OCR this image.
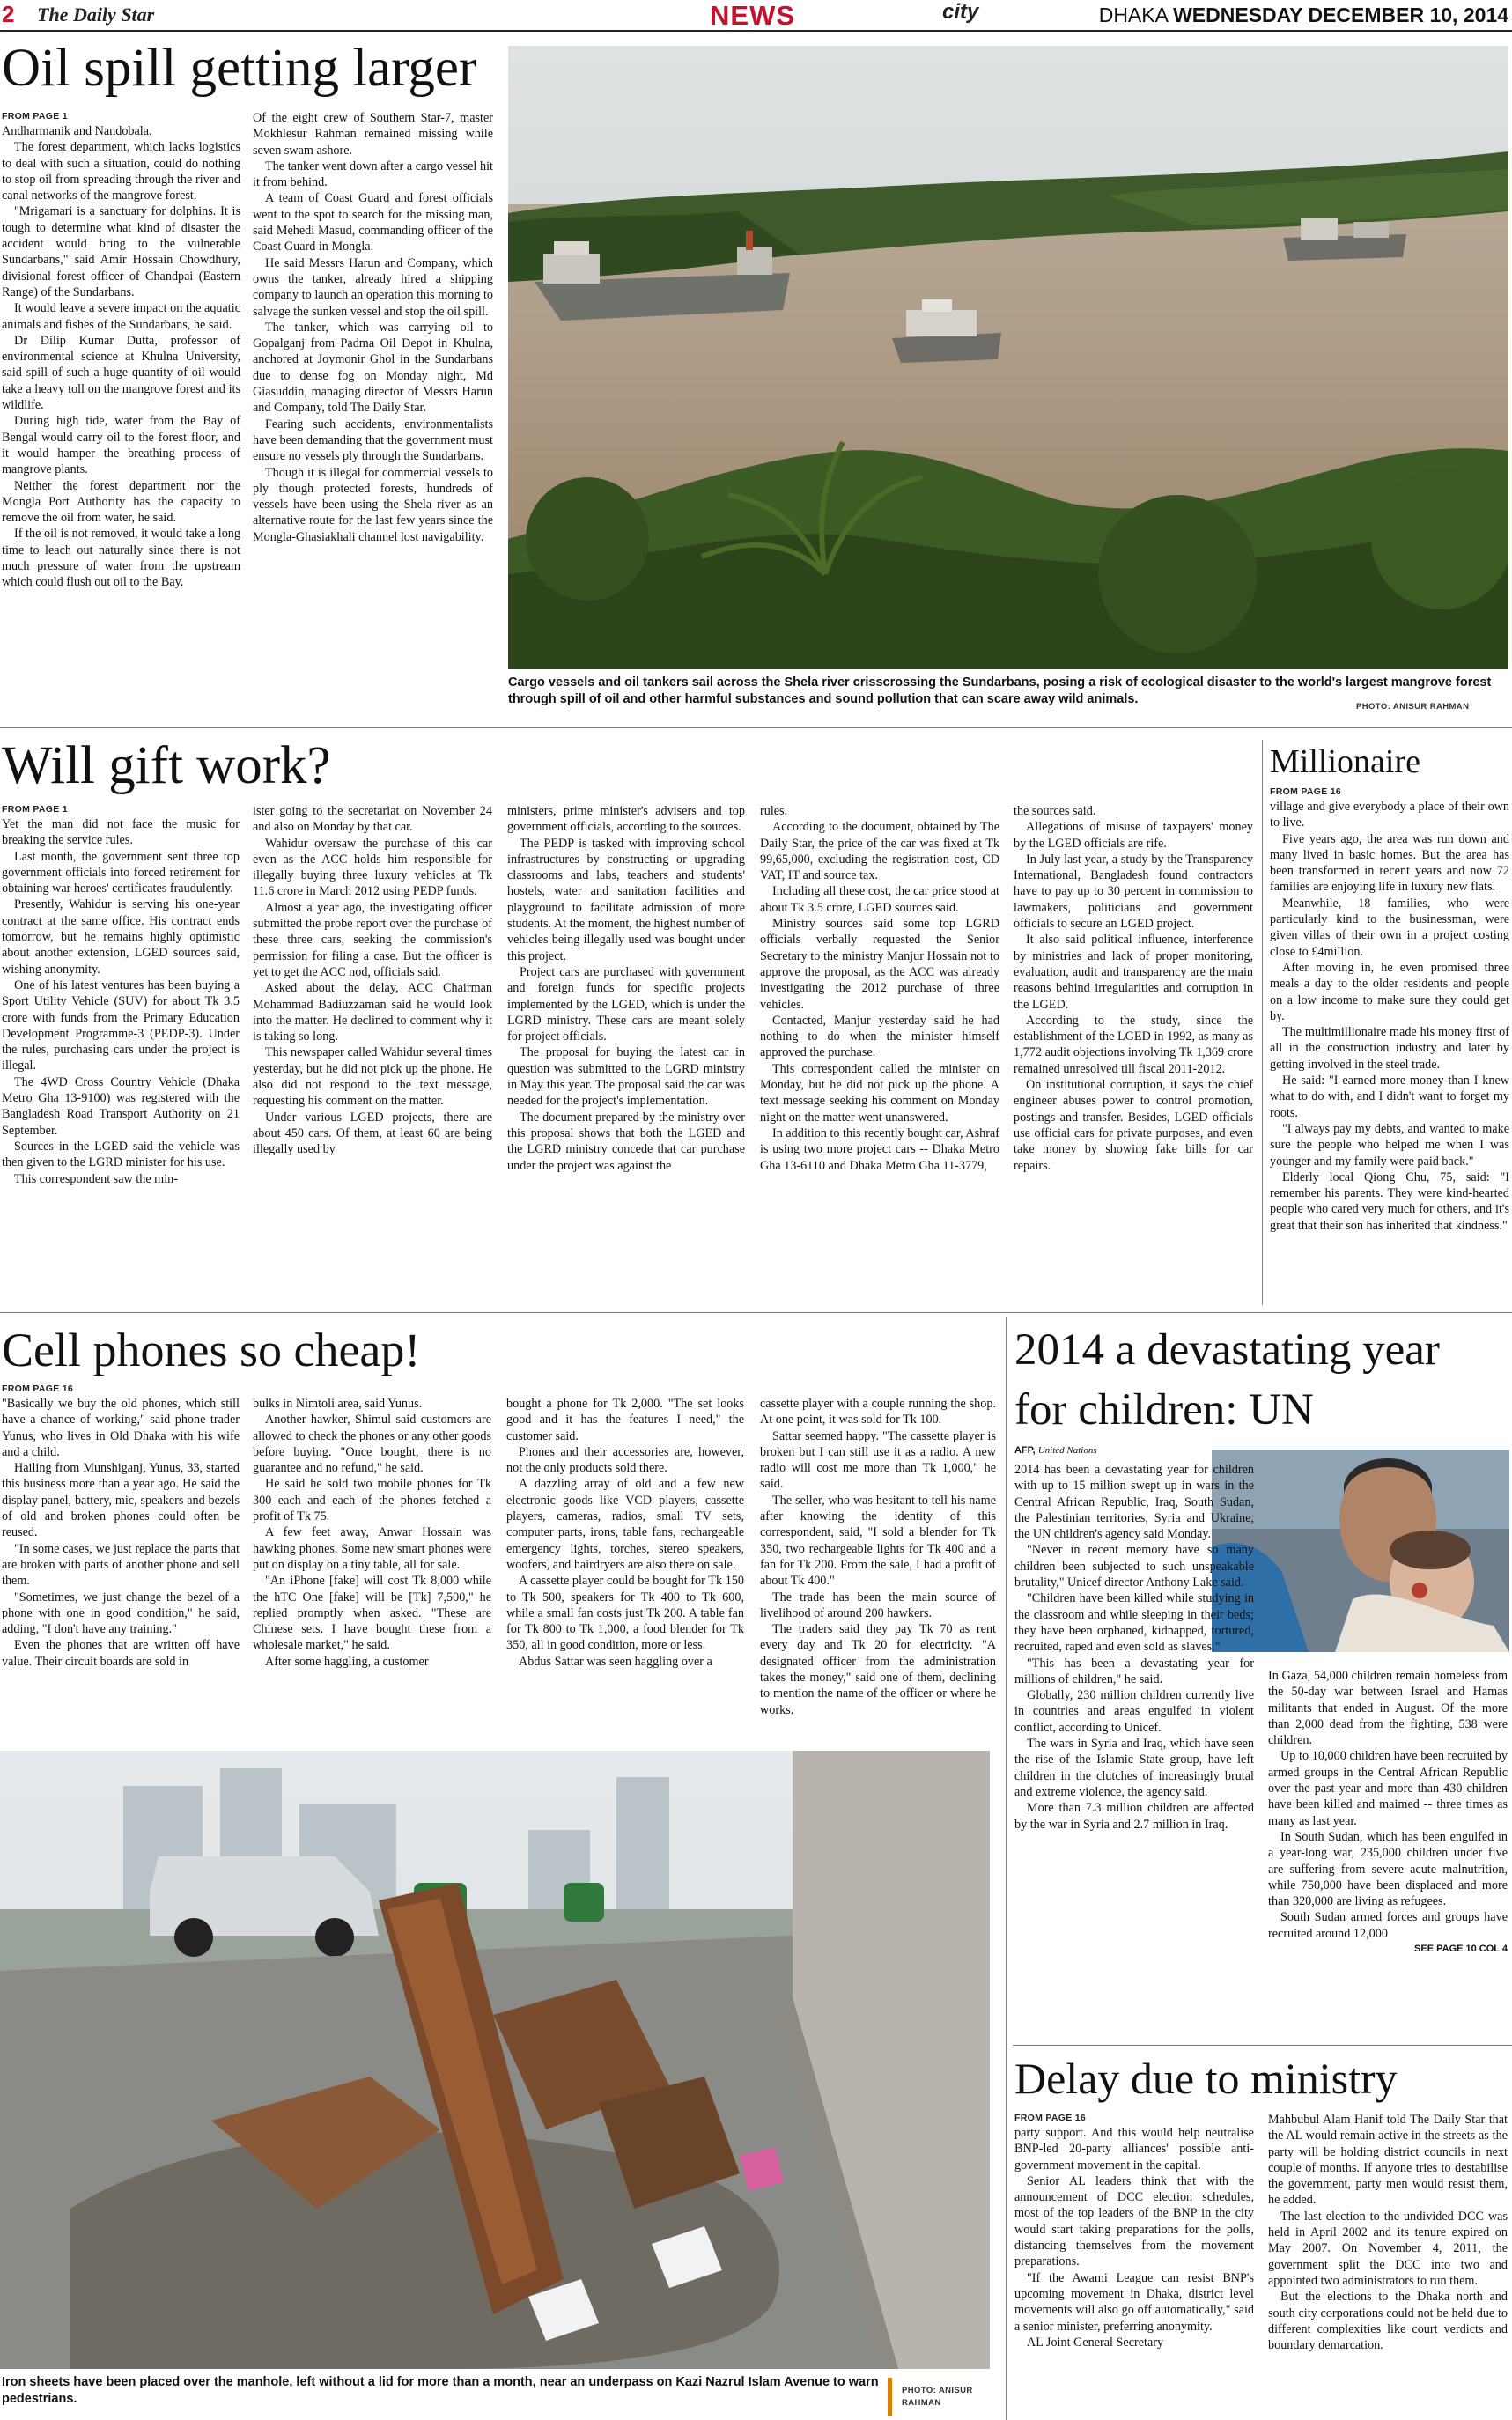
2 The Daily Star	NEWS	city	DHAKA WEDNESDAY DECEMBER 10, 2014
Oil spill getting larger
FROM PAGE 1

Andharmanik and Nandobala.

The forest department, which lacks logistics to deal with such a situation, could do nothing to stop oil from spreading through the river and canal networks of the mangrove forest.

"Mrigamari is a sanctuary for dolphins. It is tough to determine what kind of disaster the accident would bring to the vulnerable Sundarbans," said Amir Hossain Chowdhury, divisional forest officer of Chandpai (Eastern Range) of the Sundarbans.

It would leave a severe impact on the aquatic animals and fishes of the Sundarbans, he said.

Dr Dilip Kumar Dutta, professor of environmental science at Khulna University, said spill of such a huge quantity of oil would take a heavy toll on the mangrove forest and its wildlife.

During high tide, water from the Bay of Bengal would carry oil to the forest floor, and it would hamper the breathing process of mangrove plants.

Neither the forest department nor the Mongla Port Authority has the capacity to remove the oil from water, he said.

If the oil is not removed, it would take a long time to leach out naturally since there is not much pressure of water from the upstream which could flush out oil to the Bay.

Of the eight crew of Southern Star-7, master Mokhlesur Rahman remained missing while seven swam ashore.

The tanker went down after a cargo vessel hit it from behind.

A team of Coast Guard and forest officials went to the spot to search for the missing man, said Mehedi Masud, commanding officer of the Coast Guard in Mongla.

He said Messrs Harun and Company, which owns the tanker, already hired a shipping company to launch an operation this morning to salvage the sunken vessel and stop the oil spill.

The tanker, which was carrying oil to Gopalganj from Padma Oil Depot in Khulna, anchored at Joymonir Ghol in the Sundarbans due to dense fog on Monday night, Md Giasuddin, managing director of Messrs Harun and Company, told The Daily Star.

Fearing such accidents, environmentalists have been demanding that the government must ensure no vessels ply through the Sundarbans.

Though it is illegal for commercial vessels to ply though protected forests, hundreds of vessels have been using the Shela river as an alternative route for the last few years since the Mongla-Ghasiakhali channel lost navigability.

Cargo vessels and oil tankers sail across the Shela river crisscrossing the Sundarbans, posing a risk of ecological disaster to the world's largest mangrove forest through spill of oil and other harmful substances and sound pollution that can scare away wild animals.
PHOTO: ANISUR RAHMAN
Will gift work?
FROM PAGE 1

Yet the man did not face the music for breaking the service rules.

Last month, the government sent three top government officials into forced retirement for obtaining war heroes' certificates fraudulently.

Presently, Wahidur is serving his one-year contract at the same office. His contract ends tomorrow, but he remains highly optimistic about another extension, LGED sources said, wishing anonymity.

One of his latest ventures has been buying a Sport Utility Vehicle (SUV) for about Tk 3.5 crore with funds from the Primary Education Development Programme-3 (PEDP-3). Under the rules, purchasing cars under the project is illegal.

The 4WD Cross Country Vehicle (Dhaka Metro Gha 13-9100) was registered with the Bangladesh Road Transport Authority on 21 September.

Sources in the LGED said the vehicle was then given to the LGRD minister for his use.

This correspondent saw the min-

ister going to the secretariat on November 24 and also on Monday by that car.

Wahidur oversaw the purchase of this car even as the ACC holds him responsible for illegally buying three luxury vehicles at Tk 11.6 crore in March 2012 using PEDP funds.

Almost a year ago, the investigating officer submitted the probe report over the purchase of these three cars, seeking the commission's permission for filing a case. But the officer is yet to get the ACC nod, officials said.

Asked about the delay, ACC Chairman Mohammad Badiuzzaman said he would look into the matter. He declined to comment why it is taking so long.

This newspaper called Wahidur several times yesterday, but he did not pick up the phone. He also did not respond to the text message, requesting his comment on the matter.

Under various LGED projects, there are about 450 cars. Of them, at least 60 are being illegally used by

ministers, prime minister's advisers and top government officials, according to the sources.

The PEDP is tasked with improving school infrastructures by constructing or upgrading classrooms and labs, teachers and students' hostels, water and sanitation facilities and playground to facilitate admission of more students. At the moment, the highest number of vehicles being illegally used was bought under this project.

Project cars are purchased with government and foreign funds for specific projects implemented by the LGED, which is under the LGRD ministry. These cars are meant solely for project officials.

The proposal for buying the latest car in question was submitted to the LGRD ministry in May this year. The proposal said the car was needed for the project's implementation.

The document prepared by the ministry over this proposal shows that both the LGED and the LGRD ministry concede that car purchase under the project was against the

rules.

According to the document, obtained by The Daily Star, the price of the car was fixed at Tk 99,65,000, excluding the registration cost, CD VAT, IT and source tax.

Including all these cost, the car price stood at about Tk 3.5 crore, LGED sources said.

Ministry sources said some top LGRD officials verbally requested the Senior Secretary to the ministry Manjur Hossain not to approve the proposal, as the ACC was already investigating the 2012 purchase of three vehicles.

Contacted, Manjur yesterday said he had nothing to do when the minister himself approved the purchase.

This correspondent called the minister on Monday, but he did not pick up the phone. A text message seeking his comment on Monday night on the matter went unanswered.

In addition to this recently bought car, Ashraf is using two more project cars -- Dhaka Metro Gha 13-6110 and Dhaka Metro Gha 11-3779,

the sources said.

Allegations of misuse of taxpayers' money by the LGED officials are rife.

In July last year, a study by the Transparency International, Bangladesh found contractors have to pay up to 30 percent in commission to lawmakers, politicians and government officials to secure an LGED project.

It also said political influence, interference by ministries and lack of proper monitoring, evaluation, audit and transparency are the main reasons behind irregularities and corruption in the LGED.

According to the study, since the establishment of the LGED in 1992, as many as 1,772 audit objections involving Tk 1,369 crore remained unresolved till fiscal 2011-2012.

On institutional corruption, it says the chief engineer abuses power to control promotion, postings and transfer. Besides, LGED officials use official cars for private purposes, and even take money by showing fake bills for car repairs.

Millionaire
FROM PAGE 16

village and give everybody a place of their own to live.

Five years ago, the area was run down and many lived in basic homes. But the area has been transformed in recent years and now 72 families are enjoying life in luxury new flats.

Meanwhile, 18 families, who were particularly kind to the businessman, were given villas of their own in a project costing close to £4million.

After moving in, he even promised three meals a day to the older residents and people on a low income to make sure they could get by.

The multimillionaire made his money first of all in the construction industry and later by getting involved in the steel trade.

He said: "I earned more money than I knew what to do with, and I didn't want to forget my roots.

"I always pay my debts, and wanted to make sure the people who helped me when I was younger and my family were paid back."

Elderly local Qiong Chu, 75, said: "I remember his parents. They were kind-hearted people who cared very much for others, and it's great that their son has inherited that kindness."

Cell phones so cheap!
FROM PAGE 16

"Basically we buy the old phones, which still have a chance of working," said phone trader Yunus, who lives in Old Dhaka with his wife and a child.

Hailing from Munshiganj, Yunus, 33, started this business more than a year ago. He said the display panel, battery, mic, speakers and bezels of old and broken phones could often be reused.

"In some cases, we just replace the parts that are broken with parts of another phone and sell them.

"Sometimes, we just change the bezel of a phone with one in good condition," he said, adding, "I don't have any training."

Even the phones that are written off have value. Their circuit boards are sold in

bulks in Nimtoli area, said Yunus.

Another hawker, Shimul said customers are allowed to check the phones or any other goods before buying. "Once bought, there is no guarantee and no refund," he said.

He said he sold two mobile phones for Tk 300 each and each of the phones fetched a profit of Tk 75.

A few feet away, Anwar Hossain was hawking phones. Some new smart phones were put on display on a tiny table, all for sale.

"An iPhone [fake] will cost Tk 8,000 while the hTC One [fake] will be [Tk] 7,500," he replied promptly when asked. "These are Chinese sets. I have bought these from a wholesale market," he said.

After some haggling, a customer

bought a phone for Tk 2,000. "The set looks good and it has the features I need," the customer said.

Phones and their accessories are, however, not the only products sold there.

A dazzling array of old and a few new electronic goods like VCD players, cassette players, cameras, radios, small TV sets, computer parts, irons, table fans, rechargeable emergency lights, torches, stereo speakers, woofers, and hairdryers are also there on sale.

A cassette player could be bought for Tk 150 to Tk 500, speakers for Tk 400 to Tk 600, while a small fan costs just Tk 200. A table fan for Tk 800 to Tk 1,000, a food blender for Tk 350, all in good condition, more or less.

Abdus Sattar was seen haggling over a

cassette player with a couple running the shop. At one point, it was sold for Tk 100.

Sattar seemed happy. "The cassette player is broken but I can still use it as a radio. A new radio will cost me more than Tk 1,000," he said.

The seller, who was hesitant to tell his name after knowing the identity of this correspondent, said, "I sold a blender for Tk 350, two rechargeable lights for Tk 400 and a fan for Tk 200. From the sale, I had a profit of about Tk 400."

The trade has been the main source of livelihood of around 200 hawkers.

The traders said they pay Tk 70 as rent every day and Tk 20 for electricity. "A designated officer from the administration takes the money," said one of them, declining to mention the name of the officer or where he works.

Iron sheets have been placed over the manhole, left without a lid for more than a month, near an underpass on Kazi Nazrul Islam Avenue to warn pedestrians.
PHOTO: ANISUR RAHMAN
2014 a devastating year
for children: UN
AFP, United Nations

2014 has been a devastating year for children with up to 15 million swept up in wars in the Central African Republic, Iraq, South Sudan, the Palestinian territories, Syria and Ukraine, the UN children's agency said Monday.

"Never in recent memory have so many children been subjected to such unspeakable brutality," Unicef director Anthony Lake said.

"Children have been killed while studying in the classroom and while sleeping in their beds; they have been orphaned, kidnapped, tortured, recruited, raped and even sold as slaves."

"This has been a devastating year for millions of children," he said.

Globally, 230 million children currently live in countries and areas engulfed in violent conflict, according to Unicef.

The wars in Syria and Iraq, which have seen the rise of the Islamic State group, have left children in the clutches of increasingly brutal and extreme violence, the agency said.

More than 7.3 million children are affected by the war in Syria and 2.7 million in Iraq.

In Gaza, 54,000 children remain homeless from the 50-day war between Israel and Hamas militants that ended in August. Of the more than 2,000 dead from the fighting, 538 were children.

Up to 10,000 children have been recruited by armed groups in the Central African Republic over the past year and more than 430 children have been killed and maimed -- three times as many as last year.

In South Sudan, which has been engulfed in a year-long war, 235,000 children under five are suffering from severe acute malnutrition, while 750,000 have been displaced and more than 320,000 are living as refugees.

South Sudan armed forces and groups have recruited around 12,000

SEE PAGE 10 COL 4
Delay due to ministry
FROM PAGE 16

party support. And this would help neutralise BNP-led 20-party alliances' possible anti-government movement in the capital.

Senior AL leaders think that with the announcement of DCC election schedules, most of the top leaders of the BNP in the city would start taking preparations for the polls, distancing themselves from the movement preparations.

"If the Awami League can resist BNP's upcoming movement in Dhaka, district level movements will also go off automatically," said a senior minister, preferring anonymity.

AL Joint General Secretary

Mahbubul Alam Hanif told The Daily Star that the AL would remain active in the streets as the party will be holding district councils in next couple of months. If anyone tries to destabilise the government, party men would resist them, he added.

The last election to the undivided DCC was held in April 2002 and its tenure expired on May 2007. On November 4, 2011, the government split the DCC into two and appointed two administrators to run them.

But the elections to the Dhaka north and south city corporations could not be held due to different complexities like court verdicts and boundary demarcation.
